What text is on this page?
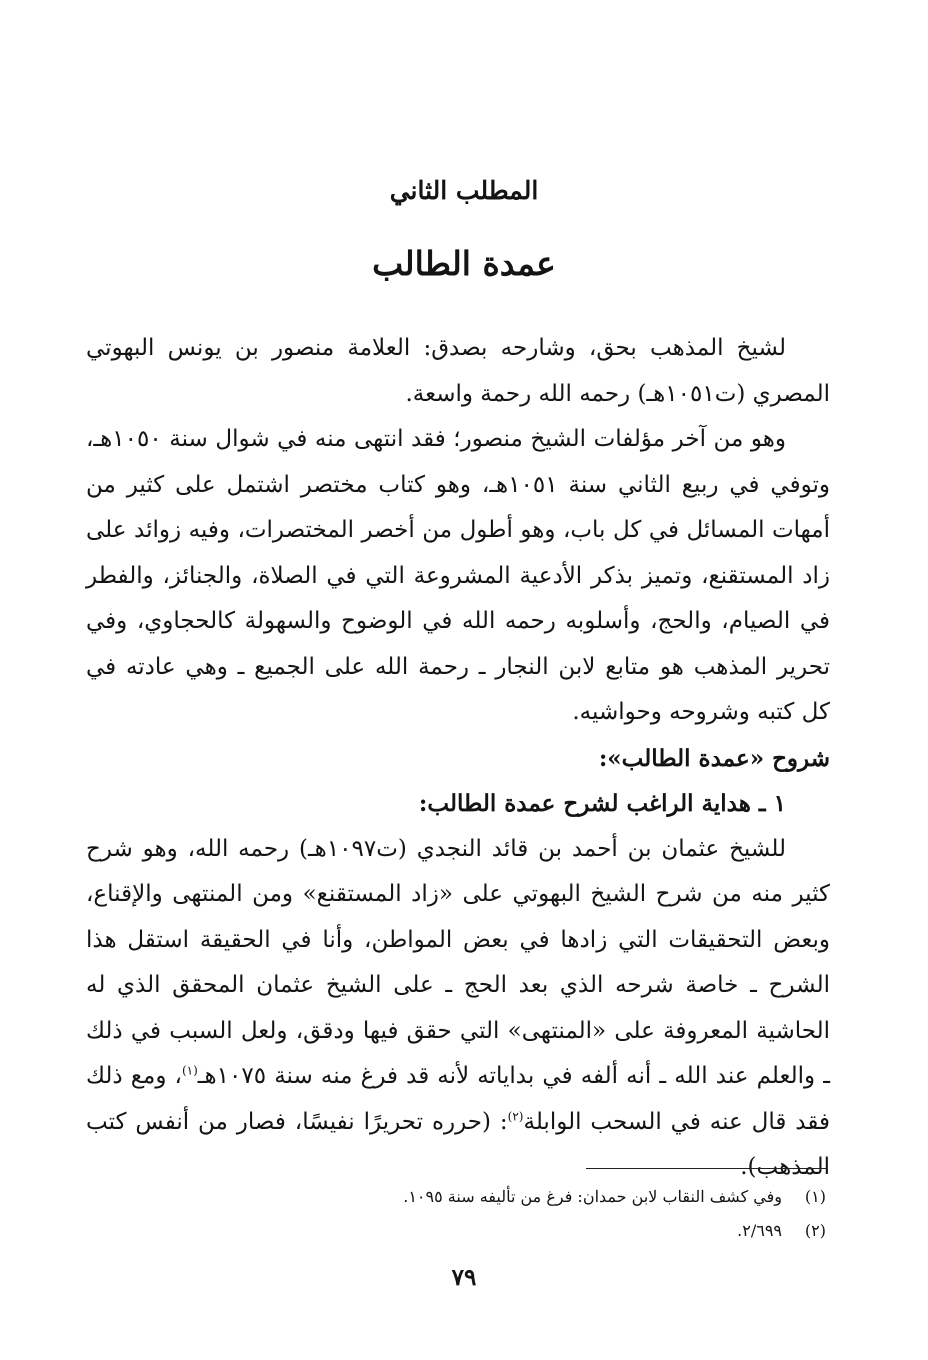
المطلب الثاني
عمدة الطالب

لشيخ المذهب بحق، وشارحه بصدق: العلامة منصور بن يونس البهوتي المصري (ت١٠٥١هـ) رحمه الله رحمة واسعة.

وهو من آخر مؤلفات الشيخ منصور؛ فقد انتهى منه في شوال سنة ١٠٥٠هـ، وتوفي في ربيع الثاني سنة ١٠٥١هـ، وهو كتاب مختصر اشتمل على كثير من أمهات المسائل في كل باب، وهو أطول من أخصر المختصرات، وفيه زوائد على زاد المستقنع، وتميز بذكر الأدعية المشروعة التي في الصلاة، والجنائز، والفطر في الصيام، والحج، وأسلوبه رحمه الله في الوضوح والسهولة كالحجاوي، وفي تحرير المذهب هو متابع لابن النجار ـ رحمة الله على الجميع ـ وهي عادته في كل كتبه وشروحه وحواشيه.

شروح «عمدة الطالب»:

١ ـ هداية الراغب لشرح عمدة الطالب:

للشيخ عثمان بن أحمد بن قائد النجدي (ت١٠٩٧هـ) رحمه الله، وهو شرح كثير منه من شرح الشيخ البهوتي على «زاد المستقنع» ومن المنتهى والإقناع، وبعض التحقيقات التي زادها في بعض المواطن، وأنا في الحقيقة استقل هذا الشرح ـ خاصة شرحه الذي بعد الحج ـ على الشيخ عثمان المحقق الذي له الحاشية المعروفة على «المنتهى» التي حقق فيها ودقق، ولعل السبب في ذلك ـ والعلم عند الله ـ أنه ألفه في بداياته لأنه قد فرغ منه سنة ١٠٧٥هـ$^{(١)}$، ومع ذلك فقد قال عنه في السحب الوابلة$^{(٢)}$: (حرره تحريرًا نفيسًا، فصار من أنفس كتب المذهب).

(١)وفي كشف النقاب لابن حمدان: فرغ من تأليفه سنة ١٠٩٥.
(٢)٢/٦٩٩.
٧٩
